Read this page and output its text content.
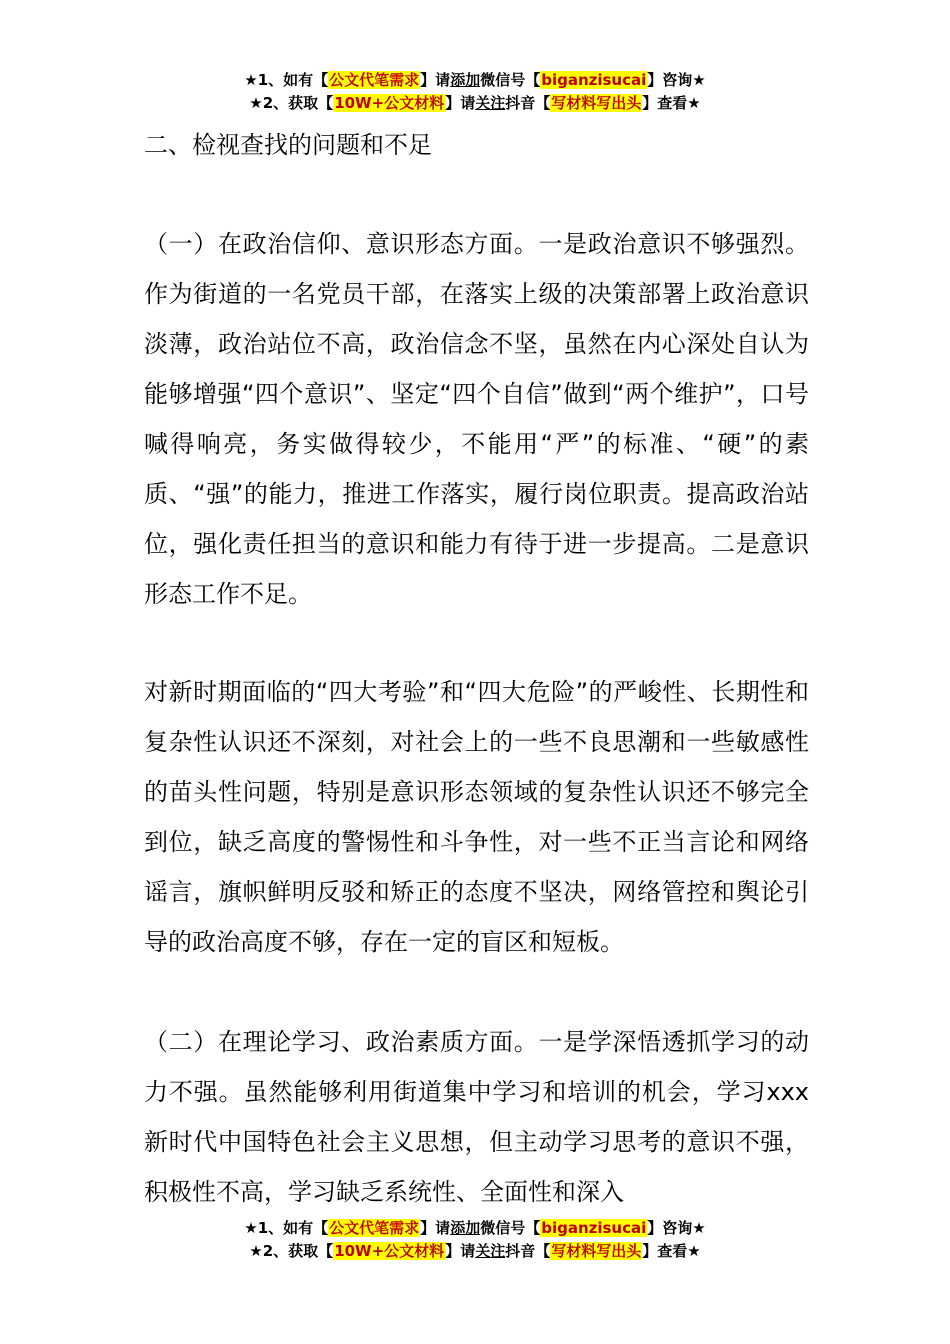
★1、如有【公文代笔需求】请添加微信号【biganzisucai】咨询★
★2、获取【10W+公文材料】请关注抖音【写材料写出头】查看★
二、检视查找的问题和不足

（一）在政治信仰、意识形态方面。一是政治意识不够强烈。作为街道的一名党员干部，在落实上级的决策部署上政治意识淡薄，政治站位不高，政治信念不坚，虽然在内心深处自认为能够增强“四个意识”、坚定“四个自信”做到“两个维护”，口号喊得响亮，务实做得较少，不能用“严”的标准、“硬”的素质、“强”的能力，推进工作落实，履行岗位职责。提高政治站位，强化责任担当的意识和能力有待于进一步提高。二是意识形态工作不足。

对新时期面临的“四大考验”和“四大危险”的严峻性、长期性和复杂性认识还不深刻，对社会上的一些不良思潮和一些敏感性的苗头性问题，特别是意识形态领域的复杂性认识还不够完全到位，缺乏高度的警惕性和斗争性，对一些不正当言论和网络谣言，旗帜鲜明反驳和矫正的态度不坚决，网络管控和舆论引导的政治高度不够，存在一定的盲区和短板。

（二）在理论学习、政治素质方面。一是学深悟透抓学习的动力不强。虽然能够利用街道集中学习和培训的机会，学习xxx新时代中国特色社会主义思想，但主动学习思考的意识不强，积极性不高，学习缺乏系统性、全面性和深入

★1、如有【公文代笔需求】请添加微信号【biganzisucai】咨询★
★2、获取【10W+公文材料】请关注抖音【写材料写出头】查看★
